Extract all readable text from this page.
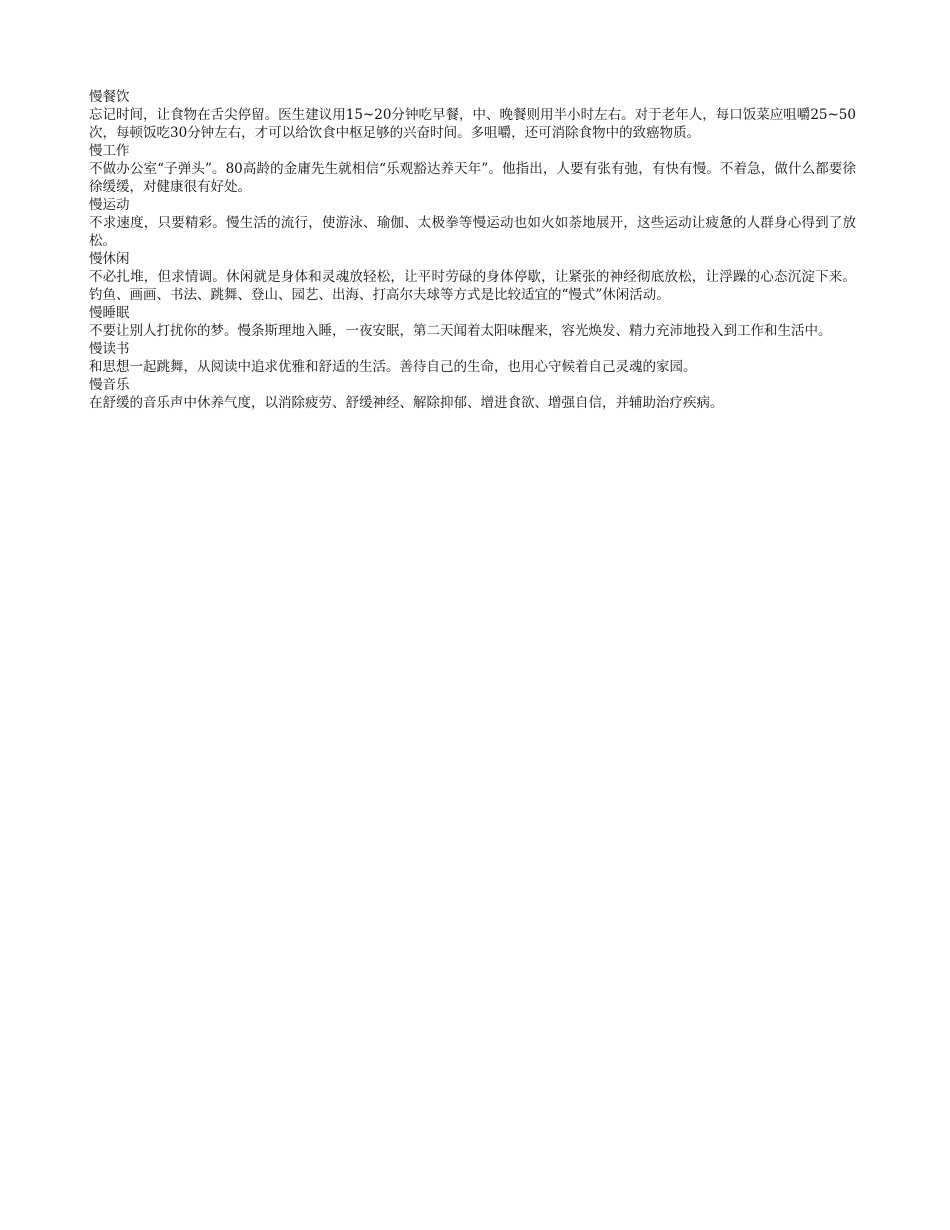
慢餐饮

忘记时间，让食物在舌尖停留。医生建议用15~20分钟吃早餐，中、晚餐则用半小时左右。对于老年人，每口饭菜应咀嚼25~50次，每顿饭吃30分钟左右，才可以给饮食中枢足够的兴奋时间。多咀嚼，还可消除食物中的致癌物质。

慢工作

不做办公室“子弹头”。80高龄的金庸先生就相信“乐观豁达养天年”。他指出，人要有张有弛，有快有慢。不着急，做什么都要徐徐缓缓，对健康很有好处。

慢运动

不求速度，只要精彩。慢生活的流行，使游泳、瑜伽、太极拳等慢运动也如火如荼地展开，这些运动让疲惫的人群身心得到了放松。

慢休闲

不必扎堆，但求情调。休闲就是身体和灵魂放轻松，让平时劳碌的身体停歇，让紧张的神经彻底放松，让浮躁的心态沉淀下来。钓鱼、画画、书法、跳舞、登山、园艺、出海、打高尔夫球等方式是比较适宜的“慢式”休闲活动。

慢睡眠

不要让别人打扰你的梦。慢条斯理地入睡，一夜安眠，第二天闻着太阳味醒来，容光焕发、精力充沛地投入到工作和生活中。

慢读书

和思想一起跳舞，从阅读中追求优雅和舒适的生活。善待自己的生命，也用心守候着自己灵魂的家园。

慢音乐

在舒缓的音乐声中休养气度，以消除疲劳、舒缓神经、解除抑郁、增进食欲、增强自信，并辅助治疗疾病。
